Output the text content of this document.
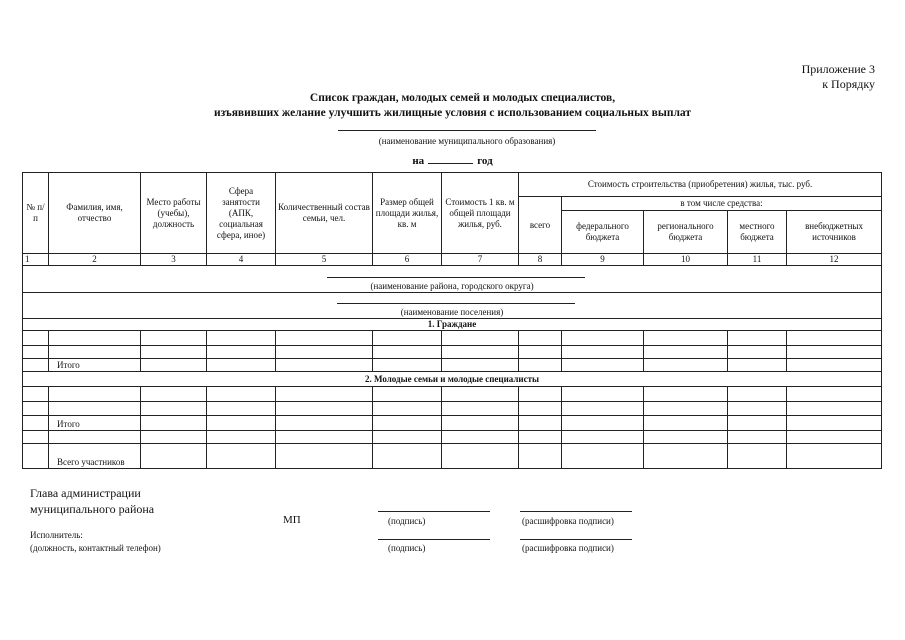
Приложение 3
к Порядку
Список граждан, молодых семей и молодых специалистов,
изъявивших желание улучшить жилищные условия с использованием социальных выплат
(наименование муниципального образования)
на	год
№ п/п	Фамилия, имя, отчество	Место работы (учебы), должность	Сфера занятости (АПК, социальная сфера, иное)	Количественный состав семьи, чел.	Размер общей площади жилья, кв. м	Стоимость 1 кв. м общей площади жилья, руб.	Стоимость строительства (приобретения) жилья, тыс. руб.				
							всего	в том числе средства:			
								федерального бюджета	регионального бюджета	местного бюджета	внебюджетных источников
1	2	3	4	5	6	7	8	9	10	11	12

(наименование района, городского округа)											

(наименование поселения)											
1. Граждане											

	Итого										
2. Молодые семьи и молодые специалисты											

	Итого										

	Всего участников										
Глава администрации
муниципального района
МП	(подпись)	(расшифровка подписи)
Исполнитель:
(должность, контактный телефон)	(подпись)	(расшифровка подписи)
